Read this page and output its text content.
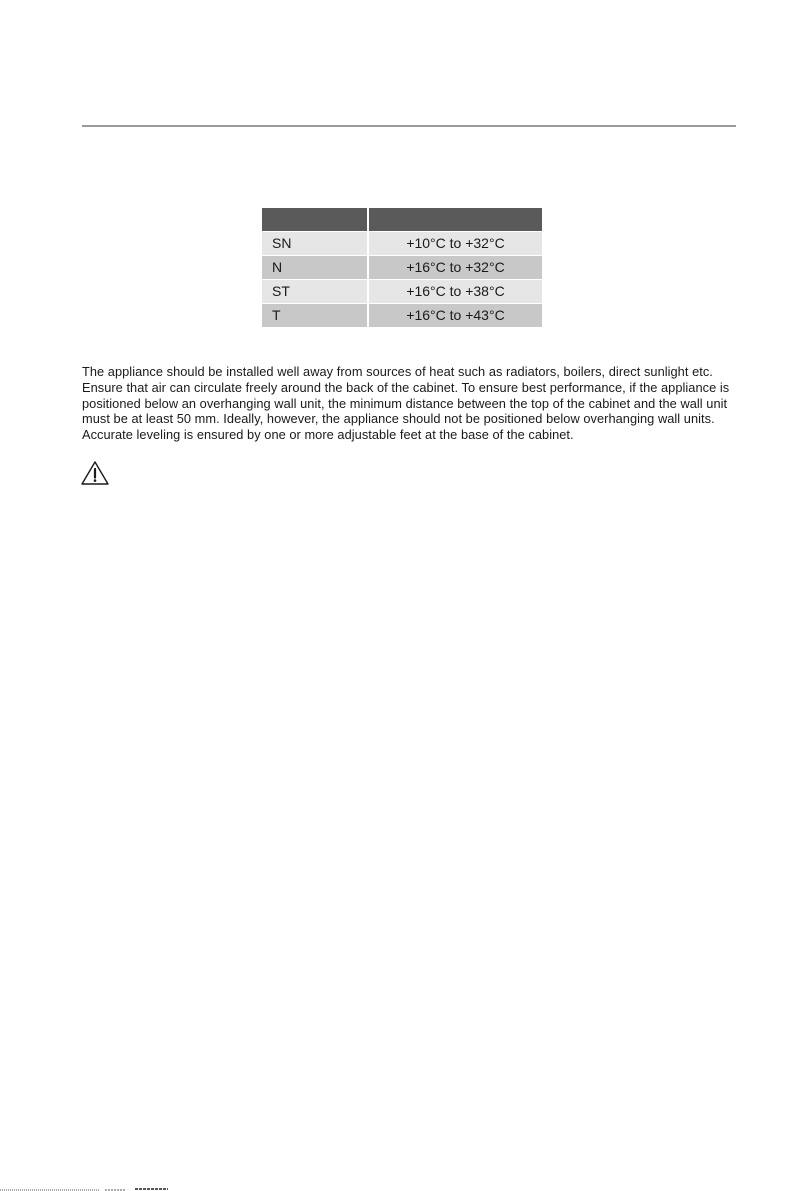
SN	+10°C to +32°C
N	+16°C to +32°C
ST	+16°C to +38°C
T	+16°C to +43°C

The appliance should be installed well away from sources of heat such as radiators, boilers, direct sunlight etc. Ensure that air can circulate freely around the back of the cabinet. To ensure best performance, if the appliance is positioned below an overhanging wall unit, the minimum distance between the top of the cabinet and the wall unit must be at least 50 mm. Ideally, however, the appliance should not be positioned below overhanging wall units. Accurate leveling is ensured by one or more adjustable feet at the base of the cabinet.
